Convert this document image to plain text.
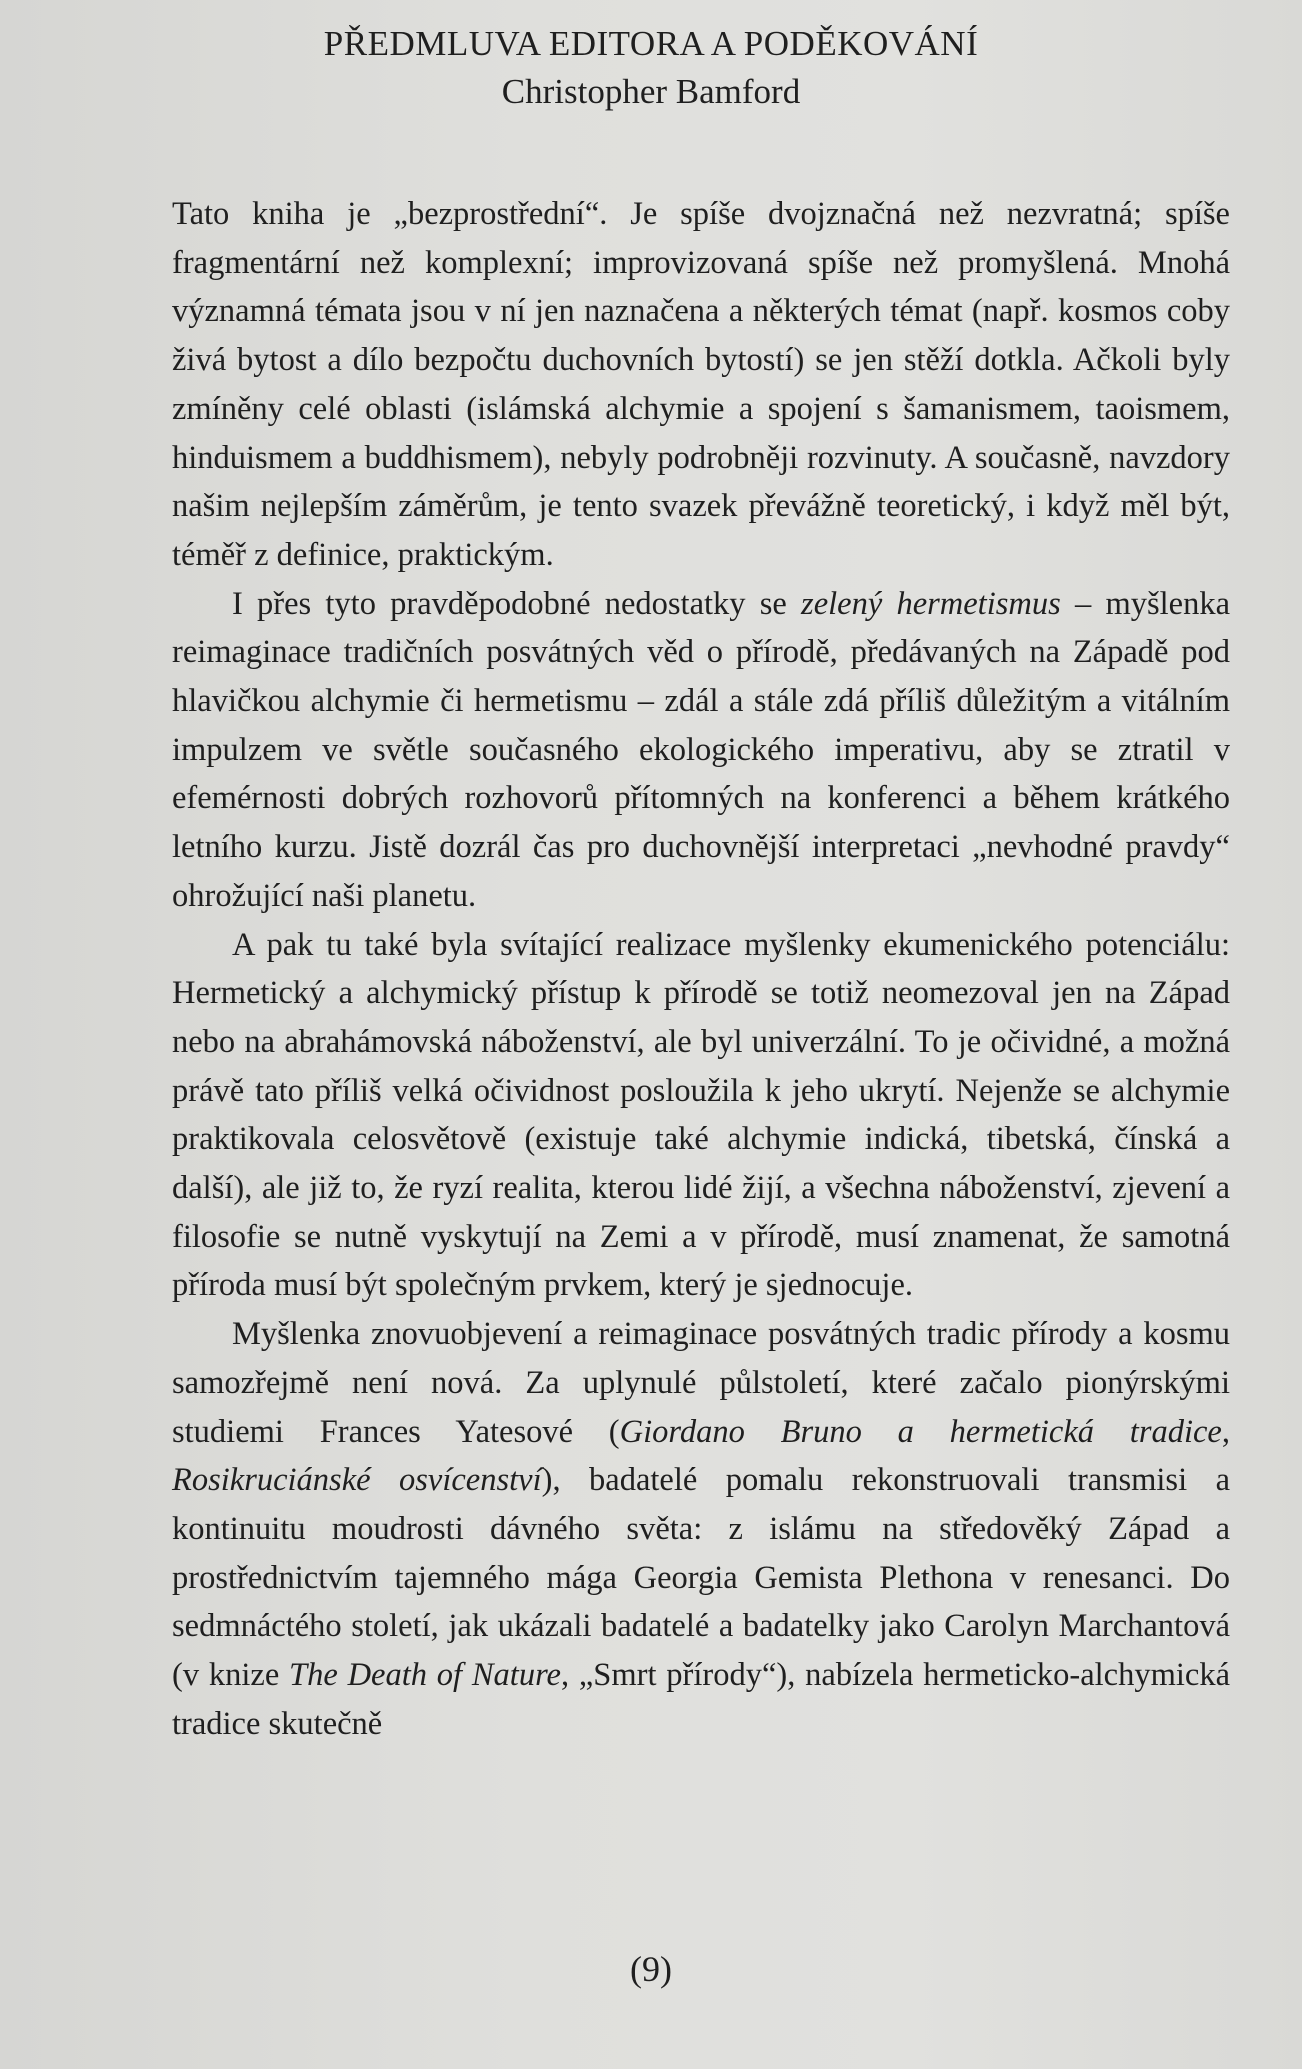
PŘEDMLUVA EDITORA A PODĚKOVÁNÍ
Christopher Bamford

Tato kniha je „bezprostřední“. Je spíše dvojznačná než nezvratná; spíše fragmentární než komplexní; improvizovaná spíše než promyšlená. Mnohá významná témata jsou v ní jen naznačena a některých témat (např. kosmos coby živá bytost a dílo bezpočtu duchovních bytostí) se jen stěží dotkla. Ačkoli byly zmíněny celé oblasti (islámská alchymie a spojení s šamanismem, taoismem, hinduismem a buddhismem), nebyly podrobněji rozvinuty. A současně, navzdory našim nejlepším záměrům, je tento svazek převážně teoretický, i když měl být, téměř z definice, praktickým.

I přes tyto pravděpodobné nedostatky se zelený hermetismus – myšlenka reimaginace tradičních posvátných věd o přírodě, předávaných na Západě pod hlavičkou alchymie či hermetismu – zdál a stále zdá příliš důležitým a vitálním impulzem ve světle současného ekologického imperativu, aby se ztratil v efemérnosti dobrých rozhovorů přítomných na konferenci a během krátkého letního kurzu. Jistě dozrál čas pro duchovnější interpretaci „nevhodné pravdy“ ohrožující naši planetu.

A pak tu také byla svítající realizace myšlenky ekumenického potenciálu: Hermetický a alchymický přístup k přírodě se totiž neomezoval jen na Západ nebo na abrahámovská náboženství, ale byl univerzální. To je očividné, a možná právě tato příliš velká očividnost posloužila k jeho ukrytí. Nejenže se alchymie praktikovala celosvětově (existuje také alchymie indická, tibetská, čínská a další), ale již to, že ryzí realita, kterou lidé žijí, a všechna náboženství, zjevení a filosofie se nutně vyskytují na Zemi a v přírodě, musí znamenat, že samotná příroda musí být společným prvkem, který je sjednocuje.

Myšlenka znovuobjevení a reimaginace posvátných tradic přírody a kosmu samozřejmě není nová. Za uplynulé půlstoletí, které začalo pionýrskými studiemi Frances Yatesové (Giordano Bruno a hermetická tradice, Rosikruciánské osvícenství), badatelé pomalu rekonstruovali transmisi a kontinuitu moudrosti dávného světa: z islámu na středověký Západ a prostřednictvím tajemného mága Georgia Gemista Plethona v renesanci. Do sedmnáctého století, jak ukázali badatelé a badatelky jako Carolyn Marchantová (v knize The Death of Nature, „Smrt přírody“), nabízela hermeticko-alchymická tradice skutečně

(9)
